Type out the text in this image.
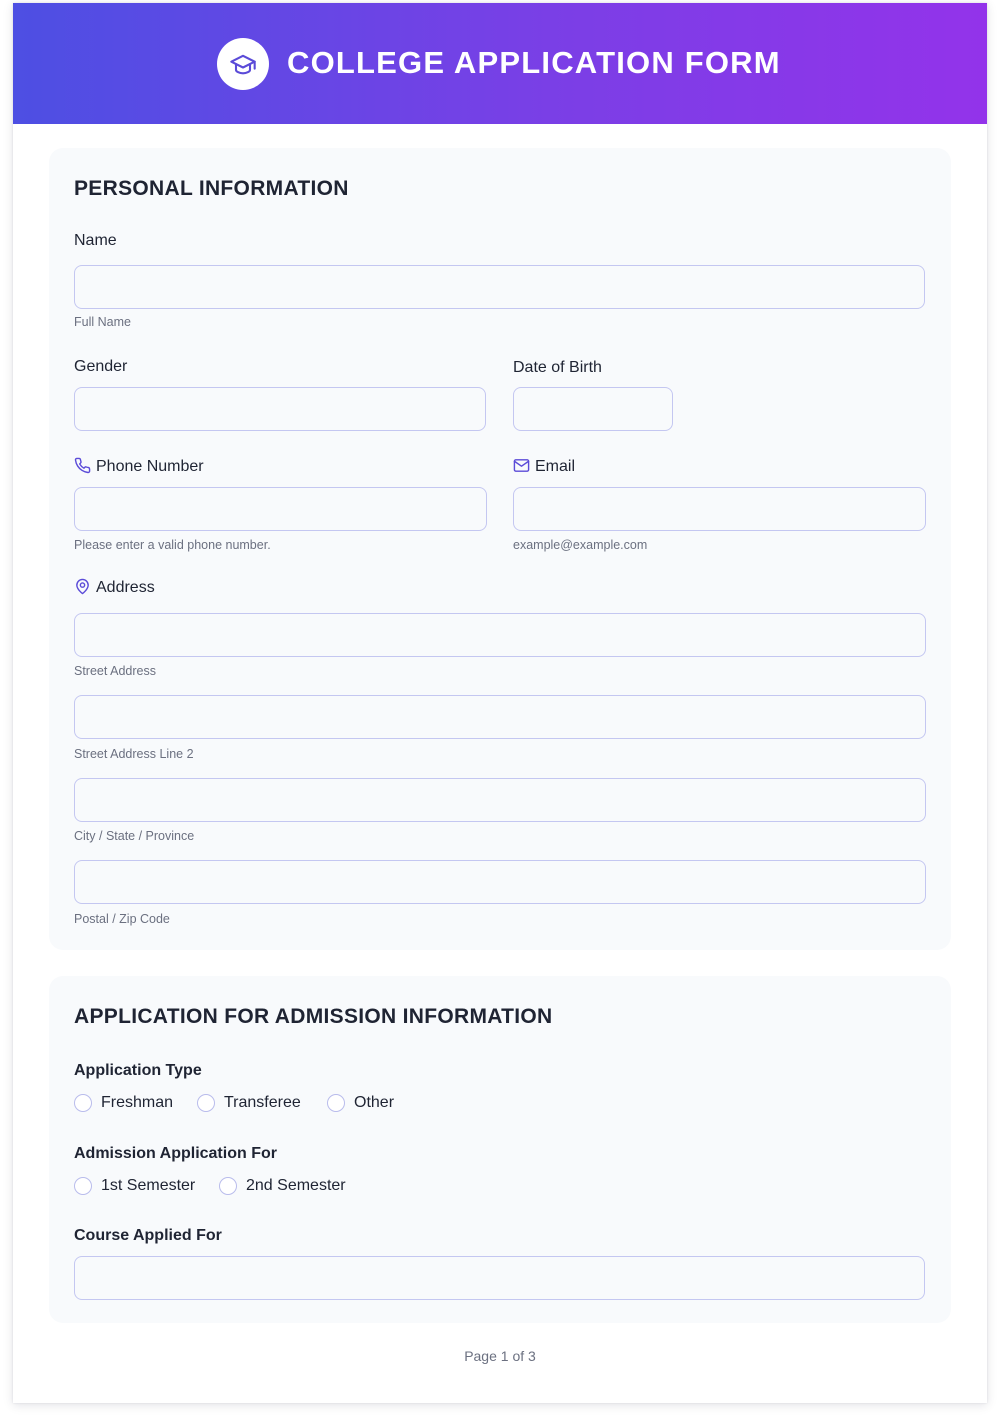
COLLEGE APPLICATION FORM
PERSONAL INFORMATION
Name
Full Name
Gender	Date of Birth
Phone Number
Please enter a valid phone number.
Email
example@example.com
Address
Street Address
Street Address Line 2
City / State / Province
Postal / Zip Code
APPLICATION FOR ADMISSION INFORMATION
Application Type
Freshman	Transferee	Other
Admission Application For
1st Semester	2nd Semester
Course Applied For
Page 1 of 3
